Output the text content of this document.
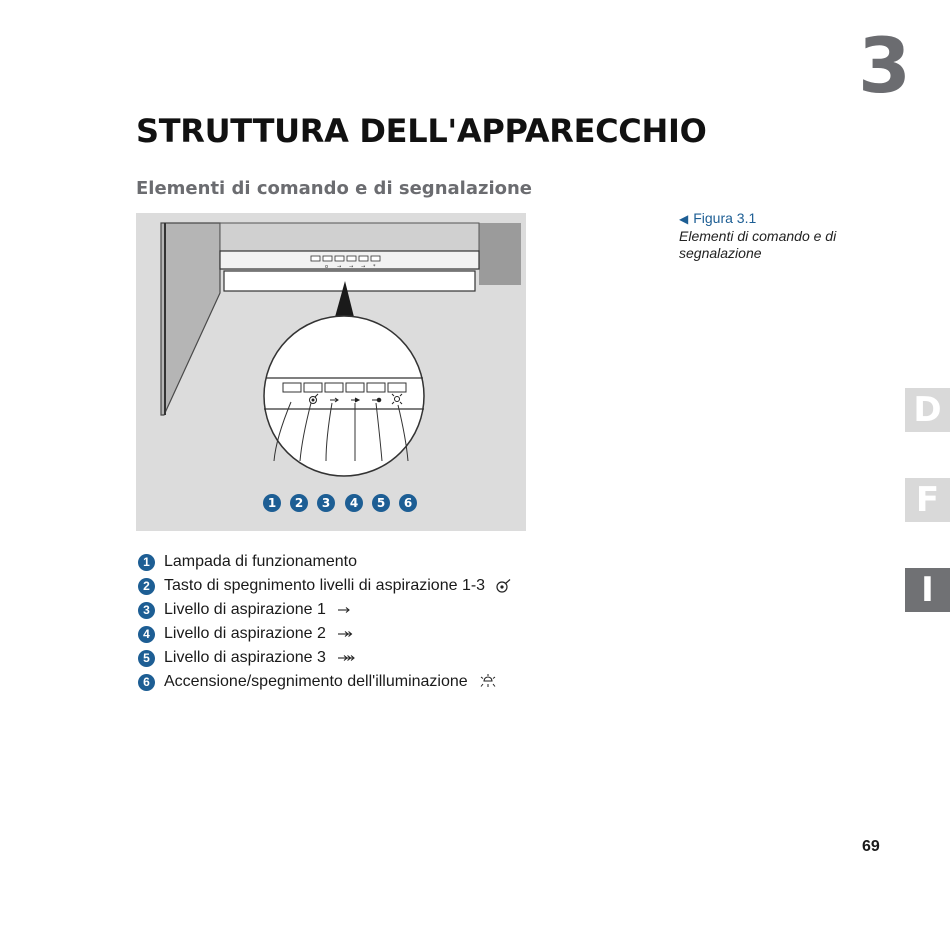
3
STRUTTURA DELL'APPARECCHIO
Elementi di comando e di segnalazione
o → → → *
1 2 3 4 5 6
◀ Figura 3.1
Elementi di comando e di segnalazione
1 Lampada di funzionamento
2 Tasto di spegnimento livelli di aspirazione 1-3
3 Livello di aspirazione 1
4 Livello di aspirazione 2
5 Livello di aspirazione 3
6 Accensione/spegnimento dell'illuminazione
D
F
I
69
